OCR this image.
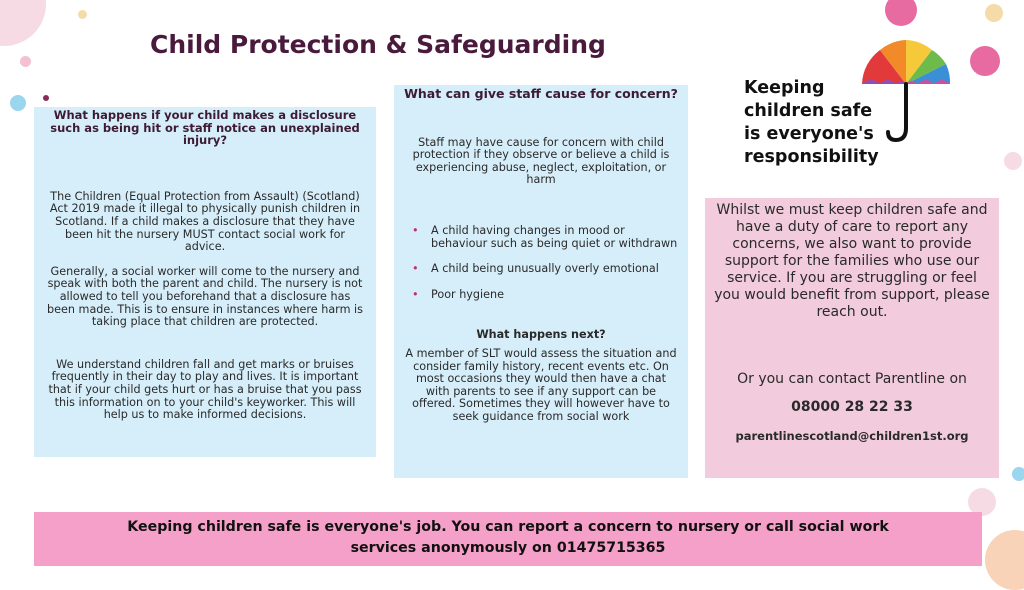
Child Protection & Safeguarding

What happens if your child makes a disclosure such as being hit or staff notice an unexplained injury?

The Children (Equal Protection from Assault) (Scotland) Act 2019 made it illegal to physically punish children in Scotland. If a child makes a disclosure that they have been hit the nursery MUST contact social work for advice.

Generally, a social worker will come to the nursery and speak with both the parent and child. The nursery is not allowed to tell you beforehand that a disclosure has been made. This is to ensure in instances where harm is taking place that children are protected.

We understand children fall and get marks or bruises frequently in their day to play and lives. It is important that if your child gets hurt or has a bruise that you pass this information on to your child's keyworker. This will help us to make informed decisions.

What can give staff cause for concern?

Staff may have cause for concern with child protection if they observe or believe a child is experiencing abuse, neglect, exploitation, or harm

• A child having changes in mood or behaviour such as being quiet or withdrawn
• A child being unusually overly emotional
• Poor hygiene

What happens next?

A member of SLT would assess the situation and consider family history, recent events etc. On most occasions they would then have a chat with parents to see if any support can be offered. Sometimes they will however have to seek guidance from social work

Keeping
children safe
is everyone's
responsibility

Whilst we must keep children safe and have a duty of care to report any concerns, we also want to provide support for the families who use our service. If you are struggling or feel you would benefit from support, please reach out.

Or you can contact Parentline on

08000 28 22 33

parentlinescotland@children1st.org

Keeping children safe is everyone's job. You can report a concern to nursery or call social work
services anonymously on 01475715365
